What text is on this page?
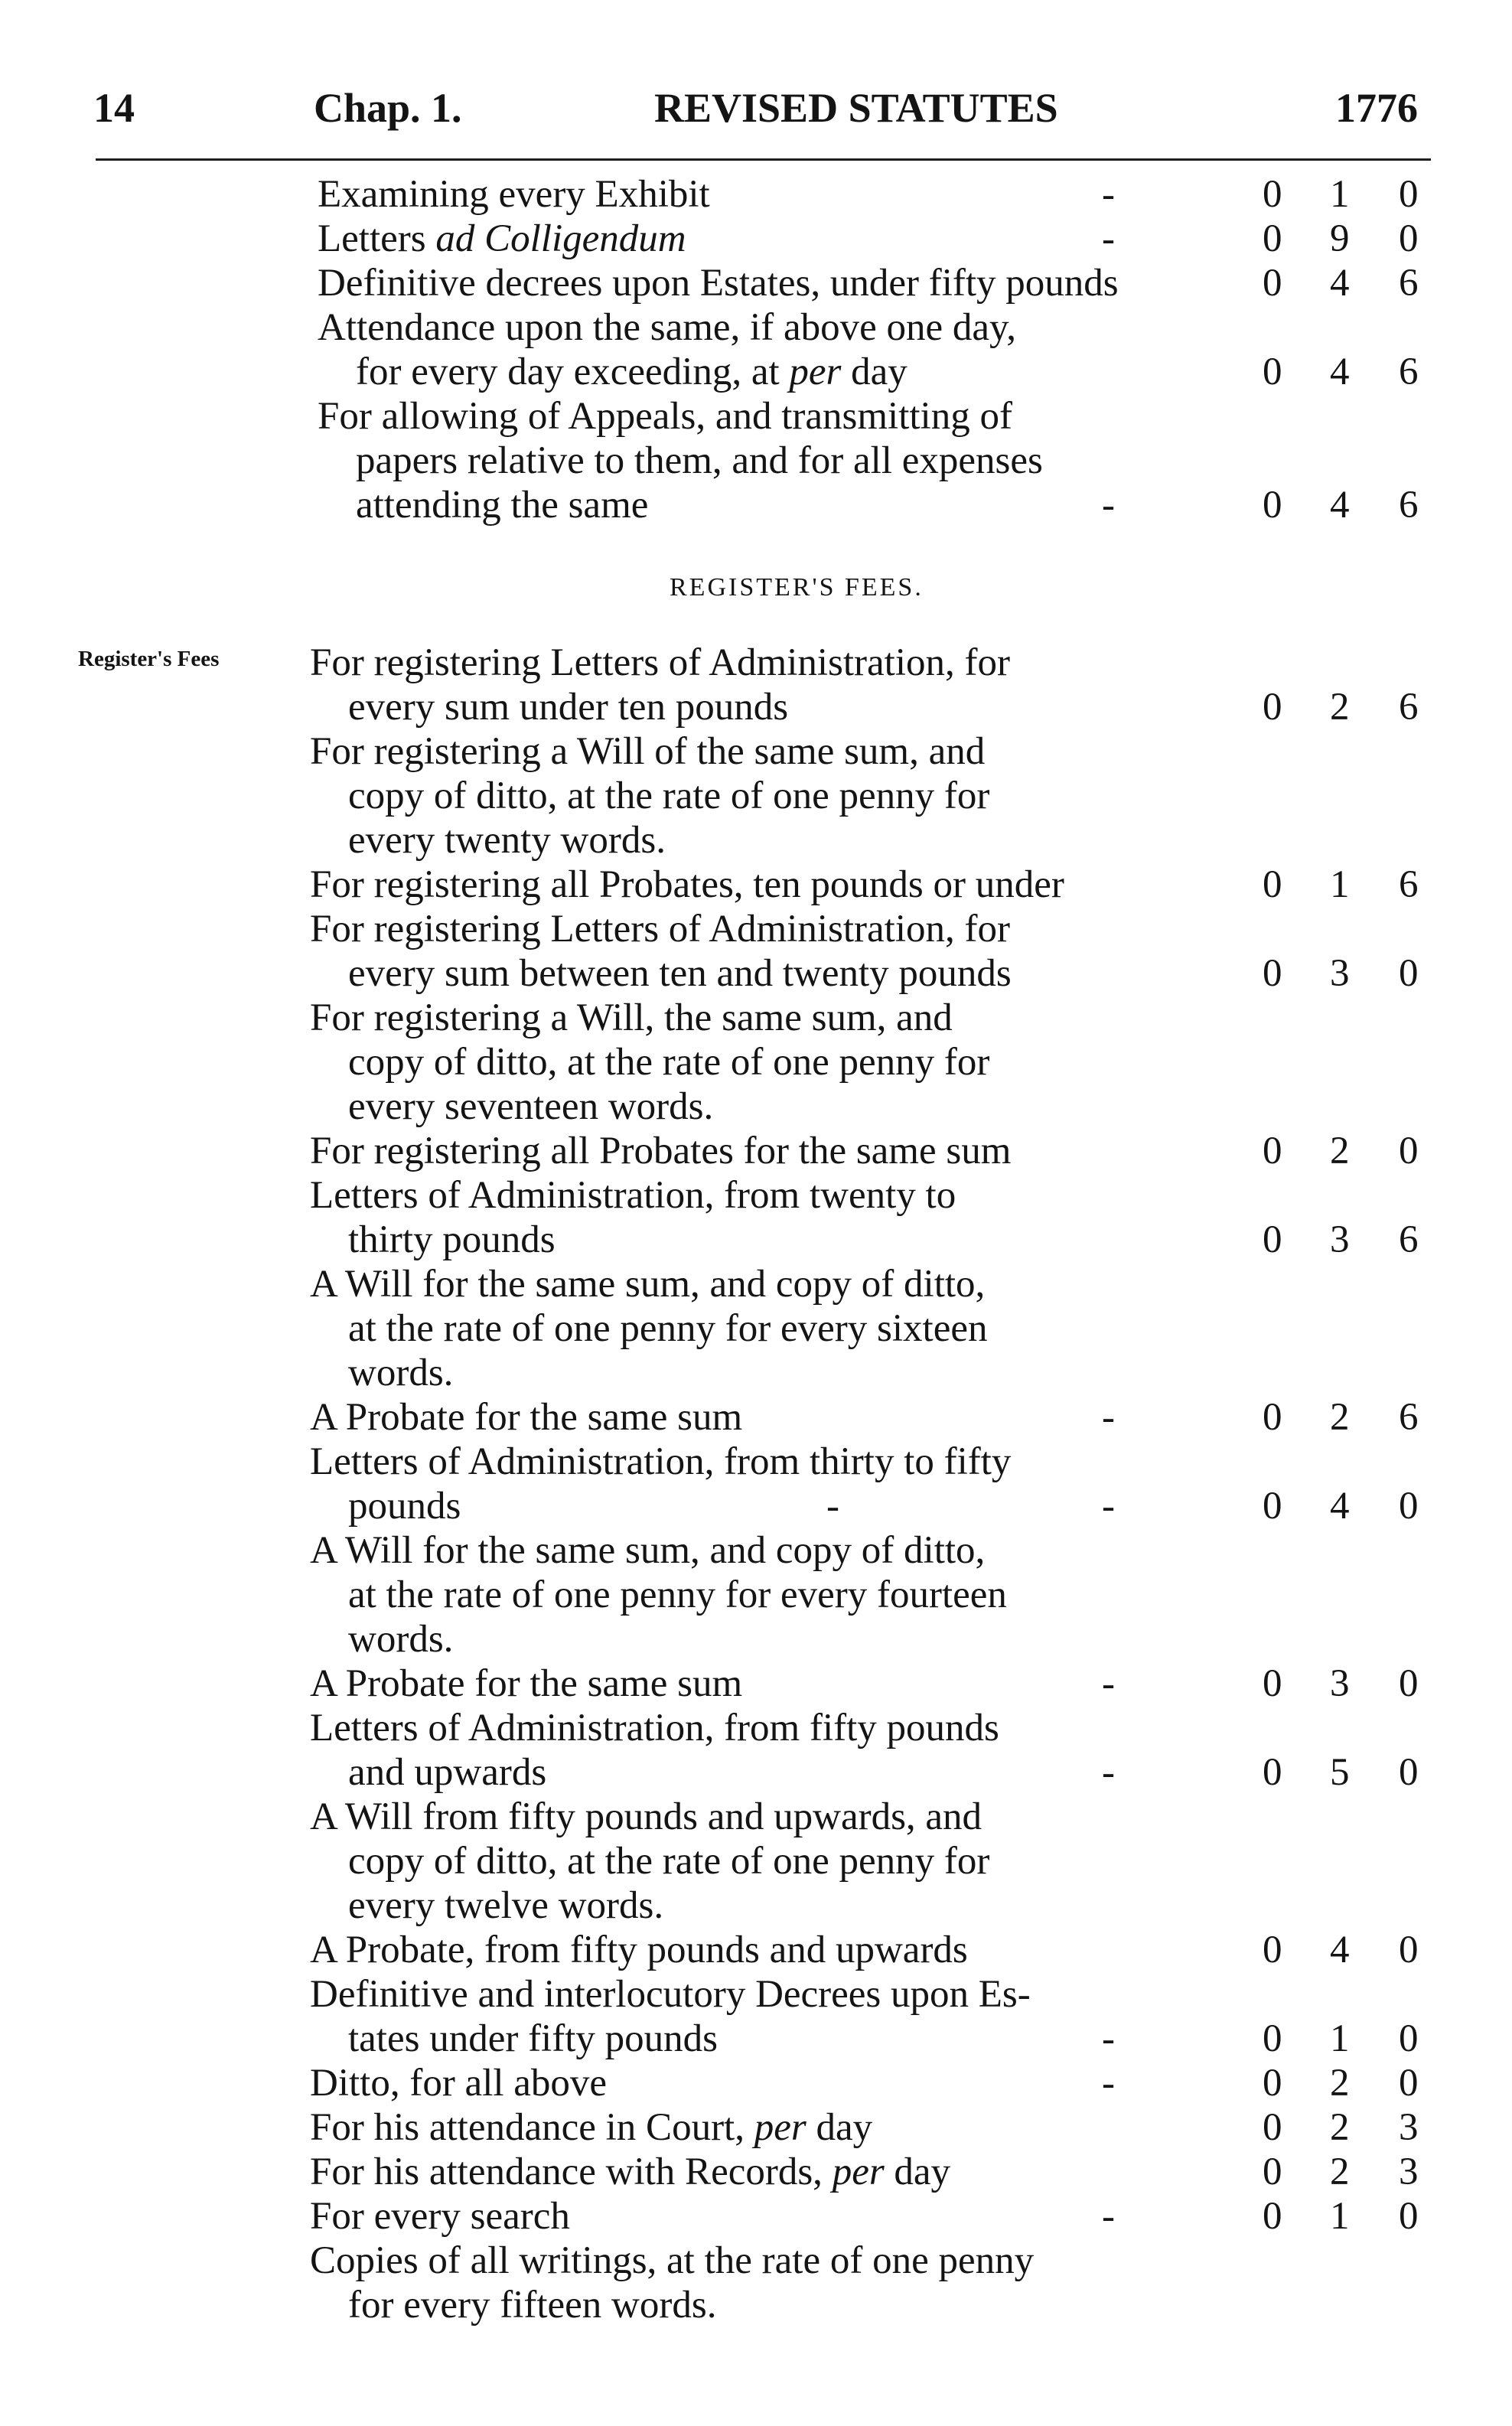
14	Chap. 1.	REVISED STATUTES	1776
Examining every Exhibit	-	0 1 0
Letters ad Colligendum	-	0 9 0
Definitive decrees upon Estates, under fifty pounds	0 4 6
Attendance upon the same, if above one day,
for every day exceeding, at per day	0 4 6
For allowing of Appeals, and transmitting of
papers relative to them, and for all expenses
attending the same	-	0 4 6
REGISTER'S FEES.
For registering Letters of Administration, for
every sum under ten pounds	0 2 6
Register's Fees
For registering a Will of the same sum, and
copy of ditto, at the rate of one penny for
every twenty words.
For registering all Probates, ten pounds or under	0 1 6
For registering Letters of Administration, for
every sum between ten and twenty pounds	0 3 0
For registering a Will, the same sum, and
copy of ditto, at the rate of one penny for
every seventeen words.
For registering all Probates for the same sum	0 2 0
Letters of Administration, from twenty to
thirty pounds	0 3 6
A Will for the same sum, and copy of ditto,
at the rate of one penny for every sixteen
words.
A Probate for the same sum	-	0 2 6
Letters of Administration, from thirty to fifty
pounds	-	-	0 4 0
A Will for the same sum, and copy of ditto,
at the rate of one penny for every fourteen
words.
A Probate for the same sum	-	0 3 0
Letters of Administration, from fifty pounds
and upwards	-	0 5 0
A Will from fifty pounds and upwards, and
copy of ditto, at the rate of one penny for
every twelve words.
A Probate, from fifty pounds and upwards	0 4 0
Definitive and interlocutory Decrees upon Es-
tates under fifty pounds	-	0 1 0
Ditto, for all above	-	0 2 0
For his attendance in Court, per day	0 2 3
For his attendance with Records, per day	0 2 3
For every search	-	0 1 0
Copies of all writings, at the rate of one penny
for every fifteen words.
